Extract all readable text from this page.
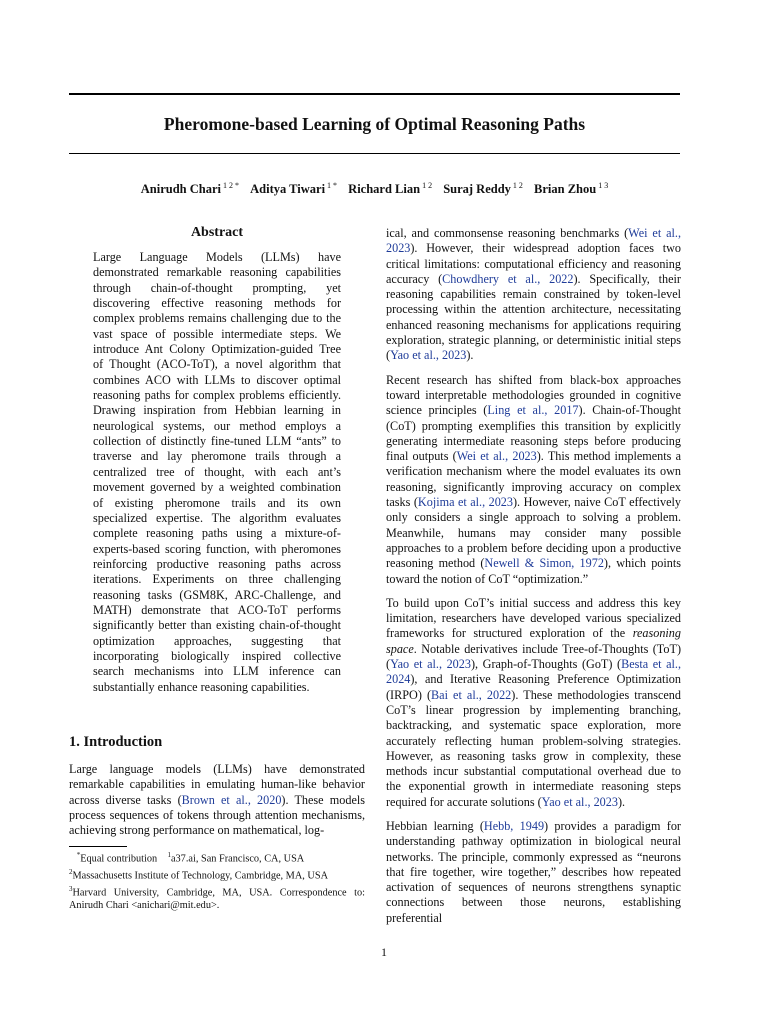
Pheromone-based Learning of Optimal Reasoning Paths
Anirudh Chari $^{1 2 *}$ Aditya Tiwari $^{1 *}$ Richard Lian $^{1 2}$ Suraj Reddy $^{1 2}$ Brian Zhou $^{1 3}$
Abstract
Large Language Models (LLMs) have demonstrated remarkable reasoning capabilities through chain-of-thought prompting, yet discovering effective reasoning methods for complex problems remains challenging due to the vast space of possible intermediate steps. We introduce Ant Colony Optimization-guided Tree of Thought (ACO-ToT), a novel algorithm that combines ACO with LLMs to discover optimal reasoning paths for complex problems efficiently. Drawing inspiration from Hebbian learning in neurological systems, our method employs a collection of distinctly fine-tuned LLM “ants” to traverse and lay pheromone trails through a centralized tree of thought, with each ant’s movement governed by a weighted combination of existing pheromone trails and its own specialized expertise. The algorithm evaluates complete reasoning paths using a mixture-of-experts-based scoring function, with pheromones reinforcing productive reasoning paths across iterations. Experiments on three challenging reasoning tasks (GSM8K, ARC-Challenge, and MATH) demonstrate that ACO-ToT performs significantly better than existing chain-of-thought optimization approaches, suggesting that incorporating biologically inspired collective search mechanisms into LLM inference can substantially enhance reasoning capabilities.
1. Introduction

Large language models (LLMs) have demonstrated remarkable capabilities in emulating human-like behavior across diverse tasks (Brown et al., 2020). These models process sequences of tokens through attention mechanisms, achieving strong performance on mathematical, log-

ical, and commonsense reasoning benchmarks (Wei et al., 2023). However, their widespread adoption faces two critical limitations: computational efficiency and reasoning accuracy (Chowdhery et al., 2022). Specifically, their reasoning capabilities remain constrained by token-level processing within the attention architecture, necessitating enhanced reasoning mechanisms for applications requiring exploration, strategic planning, or deterministic initial steps (Yao et al., 2023).

Recent research has shifted from black-box approaches toward interpretable methodologies grounded in cognitive science principles (Ling et al., 2017). Chain-of-Thought (CoT) prompting exemplifies this transition by explicitly generating intermediate reasoning steps before producing final outputs (Wei et al., 2023). This method implements a verification mechanism where the model evaluates its own reasoning, significantly improving accuracy on complex tasks (Kojima et al., 2023). However, naive CoT effectively only considers a single approach to solving a problem. Meanwhile, humans may consider many possible approaches to a problem before deciding upon a productive reasoning method (Newell & Simon, 1972), which points toward the notion of CoT “optimization.”

To build upon CoT’s initial success and address this key limitation, researchers have developed various specialized frameworks for structured exploration of the reasoning space. Notable derivatives include Tree-of-Thoughts (ToT) (Yao et al., 2023), Graph-of-Thoughts (GoT) (Besta et al., 2024), and Iterative Reasoning Preference Optimization (IRPO) (Bai et al., 2022). These methodologies transcend CoT’s linear progression by implementing branching, backtracking, and systematic space exploration, more accurately reflecting human problem-solving strategies. However, as reasoning tasks grow in complexity, these methods incur substantial computational overhead due to the exponential growth in intermediate reasoning steps required for accurate solutions (Yao et al., 2023).

Hebbian learning (Hebb, 1949) provides a paradigm for understanding pathway optimization in biological neural networks. The principle, commonly expressed as “neurons that fire together, wire together,” describes how repeated activation of sequences of neurons strengthens synaptic connections between those neurons, establishing preferential

*Equal contribution    $^1$a37.ai, San Francisco, CA, USA
$^2$Massachusetts Institute of Technology, Cambridge, MA, USA
$^3$Harvard University, Cambridge, MA, USA. Correspondence to: Anirudh Chari <anichari@mit.edu>.
1
